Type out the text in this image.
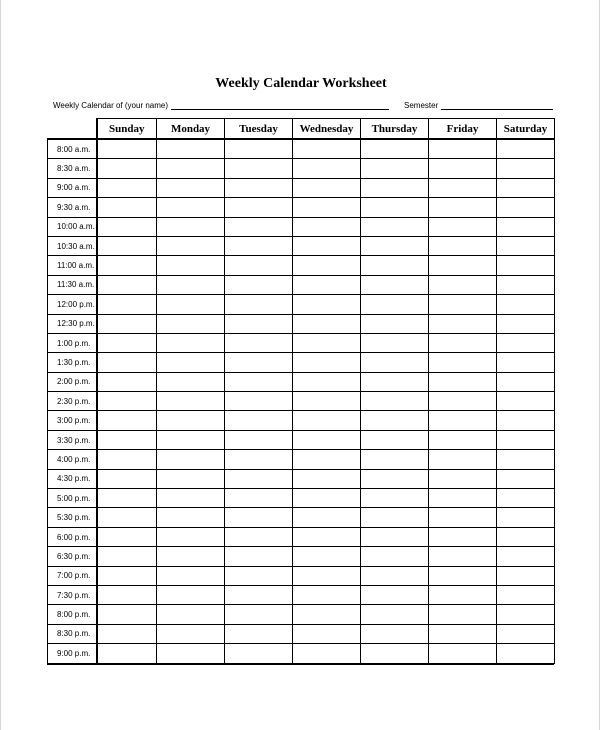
Weekly Calendar Worksheet
Weekly Calendar of (your name)	Semester
	Sunday	Monday	Tuesday	Wednesday	Thursday	Friday	Saturday
8:00 a.m.							
8:30 a.m.							
9:00 a.m.							
9:30 a.m.							
10:00 a.m.							
10:30 a.m.							
11:00 a.m.							
11:30 a.m.							
12:00 p.m.							
12:30 p.m.							
1:00 p.m.							
1:30 p.m.							
2:00 p.m.							
2:30 p.m.							
3:00 p.m.							
3:30 p.m.							
4:00 p.m.							
4:30 p.m.							
5:00 p.m.							
5:30 p.m.							
6:00 p.m.							
6:30 p.m.							
7:00 p.m.							
7:30 p.m.							
8:00 p.m.							
8:30 p.m.							
9:00 p.m.							
